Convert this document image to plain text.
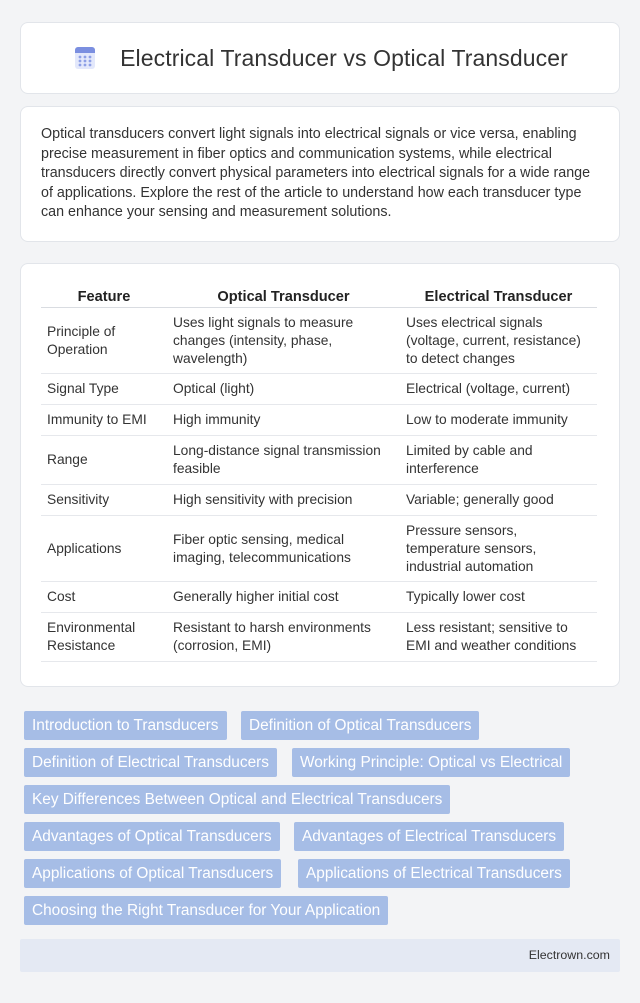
Electrical Transducer vs Optical Transducer
Optical transducers convert light signals into electrical signals or vice versa, enabling precise measurement in fiber optics and communication systems, while electrical transducers directly convert physical parameters into electrical signals for a wide range of applications. Explore the rest of the article to understand how each transducer type can enhance your sensing and measurement solutions.
Feature	Optical Transducer	Electrical Transducer
Principle of Operation	Uses light signals to measure changes (intensity, phase, wavelength)	Uses electrical signals (voltage, current, resistance) to detect changes
Signal Type	Optical (light)	Electrical (voltage, current)
Immunity to EMI	High immunity	Low to moderate immunity
Range	Long-distance signal transmission feasible	Limited by cable and interference
Sensitivity	High sensitivity with precision	Variable; generally good
Applications	Fiber optic sensing, medical imaging, telecommunications	Pressure sensors, temperature sensors, industrial automation
Cost	Generally higher initial cost	Typically lower cost
Environmental Resistance	Resistant to harsh environments (corrosion, EMI)	Less resistant; sensitive to EMI and weather conditions
Introduction to Transducers	Definition of Optical Transducers
Definition of Electrical Transducers	Working Principle: Optical vs Electrical
Key Differences Between Optical and Electrical Transducers
Advantages of Optical Transducers	Advantages of Electrical Transducers
Applications of Optical Transducers	Applications of Electrical Transducers
Choosing the Right Transducer for Your Application
Electrown.com
